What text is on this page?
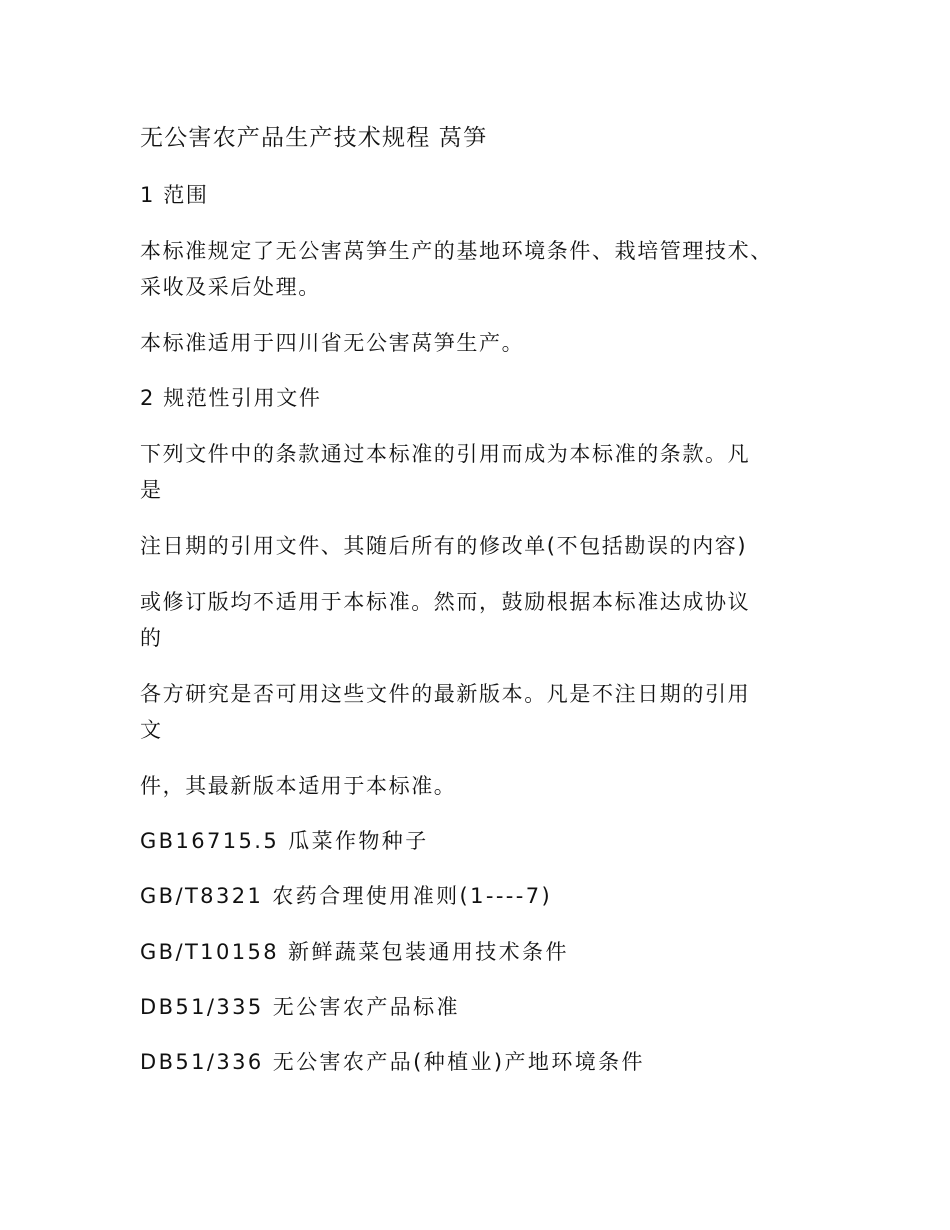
无公害农产品生产技术规程 莴笋
1 范围
本标准规定了无公害莴笋生产的基地环境条件、栽培管理技术、
采收及采后处理。
本标准适用于四川省无公害莴笋生产。
2 规范性引用文件
下列文件中的条款通过本标准的引用而成为本标准的条款。凡
是
注日期的引用文件、其随后所有的修改单(不包括勘误的内容)
或修订版均不适用于本标准。然而，鼓励根据本标准达成协议
的
各方研究是否可用这些文件的最新版本。凡是不注日期的引用
文
件，其最新版本适用于本标准。
GB16715.5 瓜菜作物种子
GB/T8321 农药合理使用准则(1----7)
GB/T10158 新鲜蔬菜包装通用技术条件
DB51/335 无公害农产品标准
DB51/336 无公害农产品(种植业)产地环境条件
